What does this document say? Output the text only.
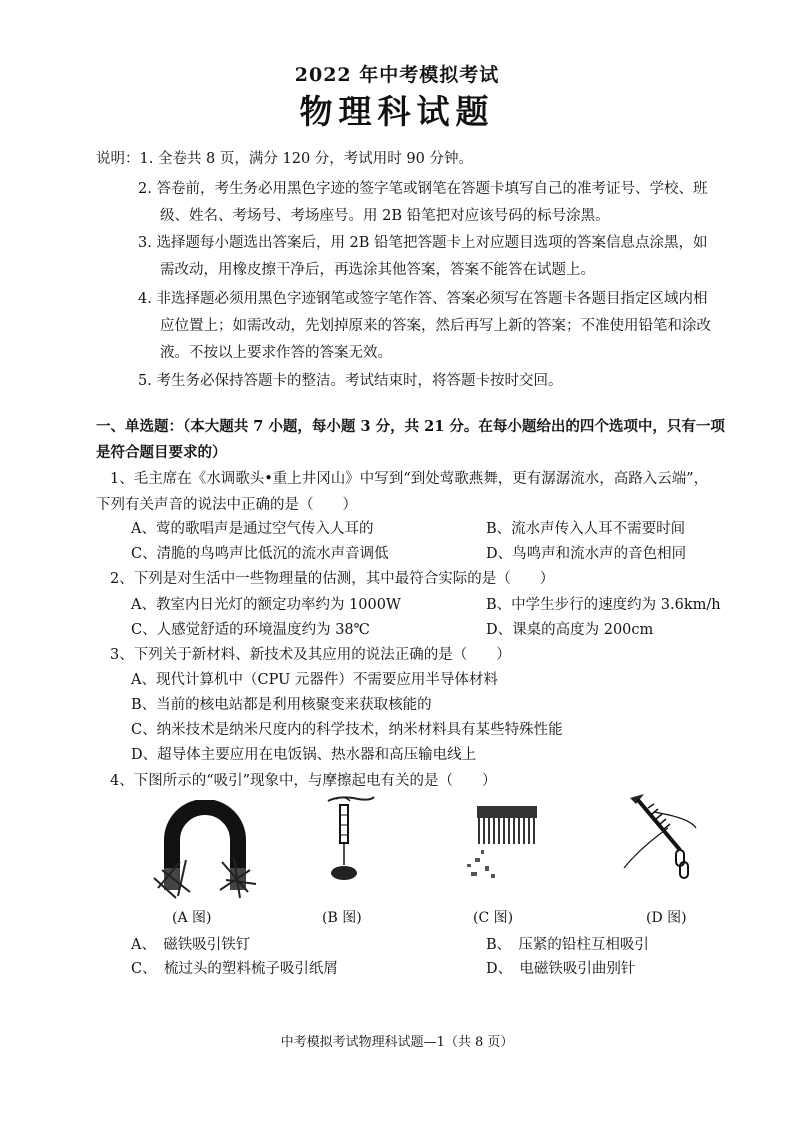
2022 年中考模拟考试
物理科试题
说明：1. 全卷共 8 页，满分 120 分，考试用时 90 分钟。
2. 答卷前，考生务必用黑色字迹的签字笔或钢笔在答题卡填写自己的准考证号、学校、班
级、姓名、考场号、考场座号。用 2B 铅笔把对应该号码的标号涂黑。
3. 选择题每小题选出答案后，用 2B 铅笔把答题卡上对应题目选项的答案信息点涂黑，如
需改动，用橡皮擦干净后，再选涂其他答案，答案不能答在试题上。
4. 非选择题必须用黑色字迹钢笔或签字笔作答、答案必须写在答题卡各题目指定区域内相
应位置上；如需改动，先划掉原来的答案，然后再写上新的答案；不准使用铅笔和涂改
液。不按以上要求作答的答案无效。
5. 考生务必保持答题卡的整洁。考试结束时，将答题卡按时交回。
一、单选题：（本大题共 7 小题，每小题 3 分，共 21 分。在每小题给出的四个选项中，只有一项
是符合题目要求的）
1、毛主席在《水调歌头•重上井冈山》中写到“到处莺歌燕舞，更有潺潺流水，高路入云端”，
下列有关声音的说法中正确的是（　　）
A、莺的歌唱声是通过空气传入人耳的	B、流水声传入人耳不需要时间
C、清脆的鸟鸣声比低沉的流水声音调低	D、鸟鸣声和流水声的音色相同
2、下列是对生活中一些物理量的估测，其中最符合实际的是（　　）
A、教室内日光灯的额定功率约为 1000W	B、中学生步行的速度约为 3.6km/h
C、人感觉舒适的环境温度约为 38℃	D、课桌的高度为 200cm
3、下列关于新材料、新技术及其应用的说法正确的是（　　）
A、现代计算机中（CPU 元器件）不需要应用半导体材料
B、当前的核电站都是利用核聚变来获取核能的
C、纳米技术是纳米尺度内的科学技术，纳米材料具有某些特殊性能
D、超导体主要应用在电饭锅、热水器和高压输电线上
4、下图所示的“吸引”现象中，与摩擦起电有关的是（　　）
(A 图)	(B 图)	(C 图)	(D 图)
A、　磁铁吸引铁钉	B、　压紧的铅柱互相吸引
C、　梳过头的塑料梳子吸引纸屑	D、　电磁铁吸引曲别针
中考模拟考试物理科试题—1（共 8 页）
